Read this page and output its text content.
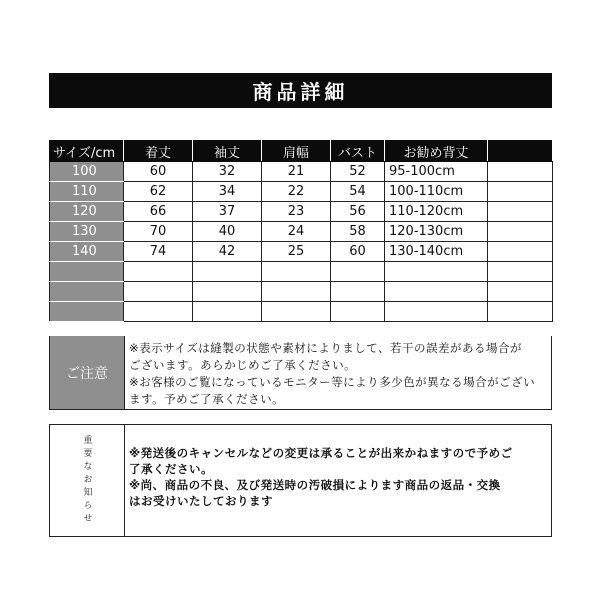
商品詳細
サイズ/cm	着丈	袖丈	肩幅	バスト	お勧め背丈	
100	60	32	21	52	95-100cm	
110	62	34	22	54	100-110cm	
120	66	37	23	56	110-120cm	
130	70	40	24	58	120-130cm	
140	74	42	25	60	130-140cm	

ご注意
※表示サイズは縫製の状態や素材によりまして、若干の誤差がある場合が
ございます。あらかじめご了承ください。
※お客様のご覧になっているモニター等により多少色が異なる場合がござい
ます。予めご了承ください。
重要なお知らせ	※発送後のキャンセルなどの変更は承ることが出来かねますので予めご
了承ください。
※尚、商品の不良、及び発送時の汚破損によります商品の返品・交換
はお受けいたしております
